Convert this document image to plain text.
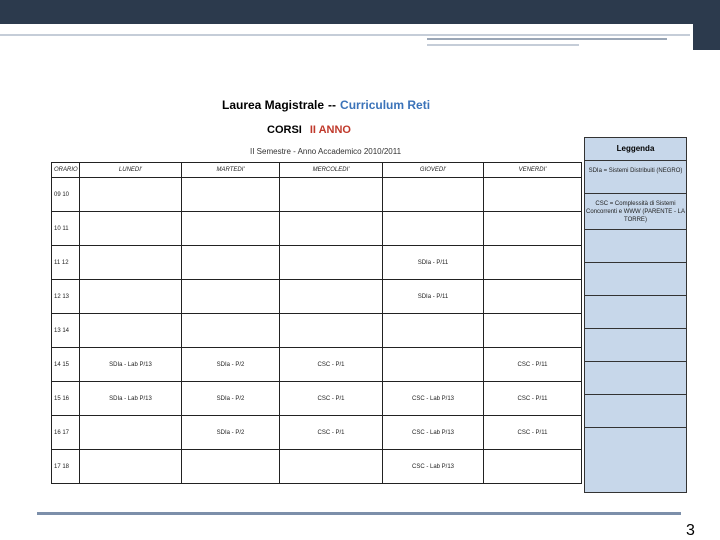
Laurea Magistrale -- Curriculum Reti
CORSI II ANNO
II Semestre - Anno Accademico 2010/2011
ORARIO	LUNEDI'	MARTEDI'	MERCOLEDI'	GIOVEDI'	VENERDI'
09 10					
10 11					
11 12				SDIa - P/11	
12 13				SDIa - P/11	
13 14					
14 15	SDIa - Lab P/13	SDIa - P/2	CSC - P/1		CSC - P/11
15 16	SDIa - Lab P/13	SDIa - P/2	CSC - P/1	CSC - Lab P/13	CSC - P/11
16 17		SDIa - P/2	CSC - P/1	CSC - Lab P/13	CSC - P/11
17 18				CSC - Lab P/13	
Leggenda
SDIa = Sistemi Distribuiti (NEGRO)
CSC = Complessità di Sistemi Concorrenti e WWW (PARENTE - LA TORRE)
3
